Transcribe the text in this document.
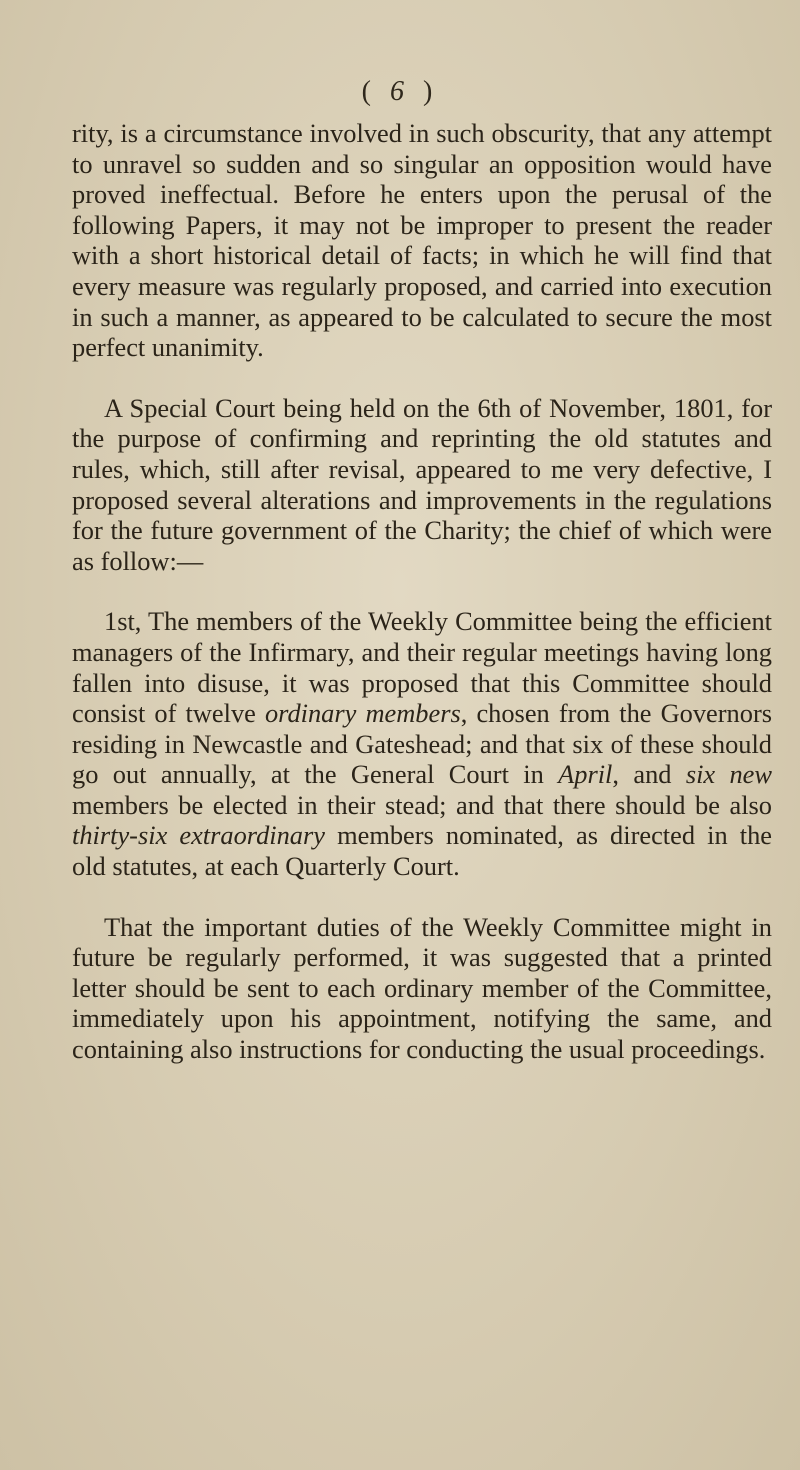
( 6 )

rity, is a circumstance involved in such obscurity, that any attempt to unravel so sudden and so singular an opposition would have proved ineffectual. Before he enters upon the perusal of the following Papers, it may not be improper to present the reader with a short historical detail of facts; in which he will find that every measure was regularly proposed, and carried into execution in such a manner, as appeared to be calculated to secure the most perfect unanimity.

A Special Court being held on the 6th of November, 1801, for the purpose of confirming and reprinting the old statutes and rules, which, still after revisal, appeared to me very defective, I proposed several alterations and improvements in the regulations for the future government of the Charity; the chief of which were as follow:—

1st, The members of the Weekly Committee being the efficient managers of the Infirmary, and their regular meetings having long fallen into disuse, it was proposed that this Committee should consist of twelve ordinary members, chosen from the Governors residing in Newcastle and Gateshead; and that six of these should go out annually, at the General Court in April, and six new members be elected in their stead; and that there should be also thirty-six extraordinary members nominated, as directed in the old statutes, at each Quarterly Court.

That the important duties of the Weekly Committee might in future be regularly performed, it was suggested that a printed letter should be sent to each ordinary member of the Committee, immediately upon his appointment, notifying the same, and containing also instructions for conducting the usual proceedings.
